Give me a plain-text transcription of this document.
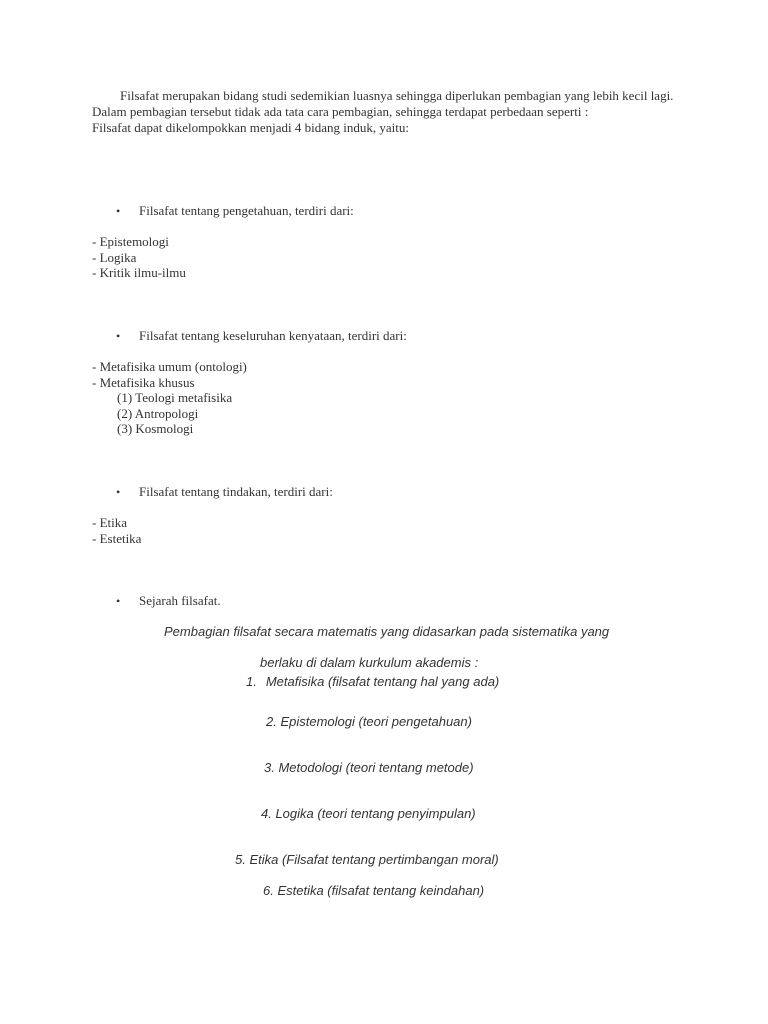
Filsafat merupakan bidang studi sedemikian luasnya sehingga diperlukan pembagian yang lebih kecil lagi. Dalam pembagian tersebut tidak ada tata cara pembagian, sehingga terdapat perbedaan seperti :

Filsafat dapat dikelompokkan menjadi 4 bidang induk, yaitu:

• Filsafat tentang pengetahuan, terdiri dari:
- Epistemologi
- Logika
- Kritik ilmu-ilmu
• Filsafat tentang keseluruhan kenyataan, terdiri dari:
- Metafisika umum (ontologi)
- Metafisika khusus
(1) Teologi metafisika
(2) Antropologi
(3) Kosmologi
• Filsafat tentang tindakan, terdiri dari:
- Etika
- Estetika
• Sejarah filsafat.
Pembagian filsafat secara matematis yang didasarkan pada sistematika yang
berlaku di dalam kurkulum akademis :
1. Metafisika (filsafat tentang hal yang ada)
2. Epistemologi (teori pengetahuan)
3. Metodologi (teori tentang metode)
4. Logika (teori tentang penyimpulan)
5. Etika (Filsafat tentang pertimbangan moral)
6. Estetika (filsafat tentang keindahan)
